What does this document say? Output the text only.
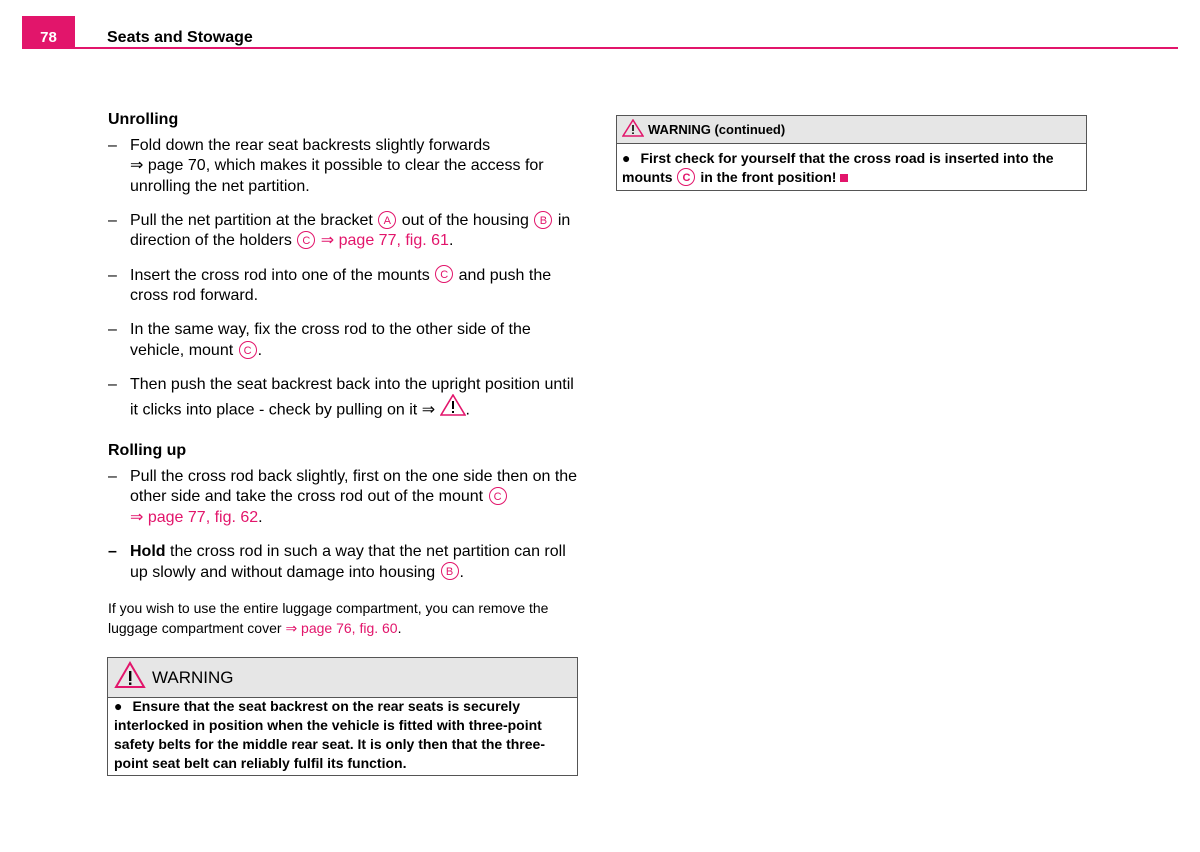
78	Seats and Stowage
Unrolling
– Fold down the rear seat backrests slightly forwards
⇒ page 70, which makes it possible to clear the access for unrolling the net partition.
– Pull the net partition at the bracket A out of the housing B in direction of the holders C ⇒ page 77, fig. 61.
– Insert the cross rod into one of the mounts C and push the cross rod forward.
– In the same way, fix the cross rod to the other side of the vehicle, mount C .
– Then push the seat backrest back into the upright position until it clicks into place - check by pulling on it ⇒ .
Rolling up
– Pull the cross rod back slightly, first on the one side then on the other side and take the cross rod out of the mount C
⇒ page 77, fig. 62.
– Hold the cross rod in such a way that the net partition can roll up slowly and without damage into housing B .
If you wish to use the entire luggage compartment, you can remove the luggage compartment cover ⇒ page 76, fig. 60.
WARNING
● Ensure that the seat backrest on the rear seats is securely interlocked in position when the vehicle is fitted with three-point safety belts for the middle rear seat. It is only then that the three-point seat belt can reliably fulfil its function.
WARNING (continued)
● First check for yourself that the cross road is inserted into the mounts C in the front position!
